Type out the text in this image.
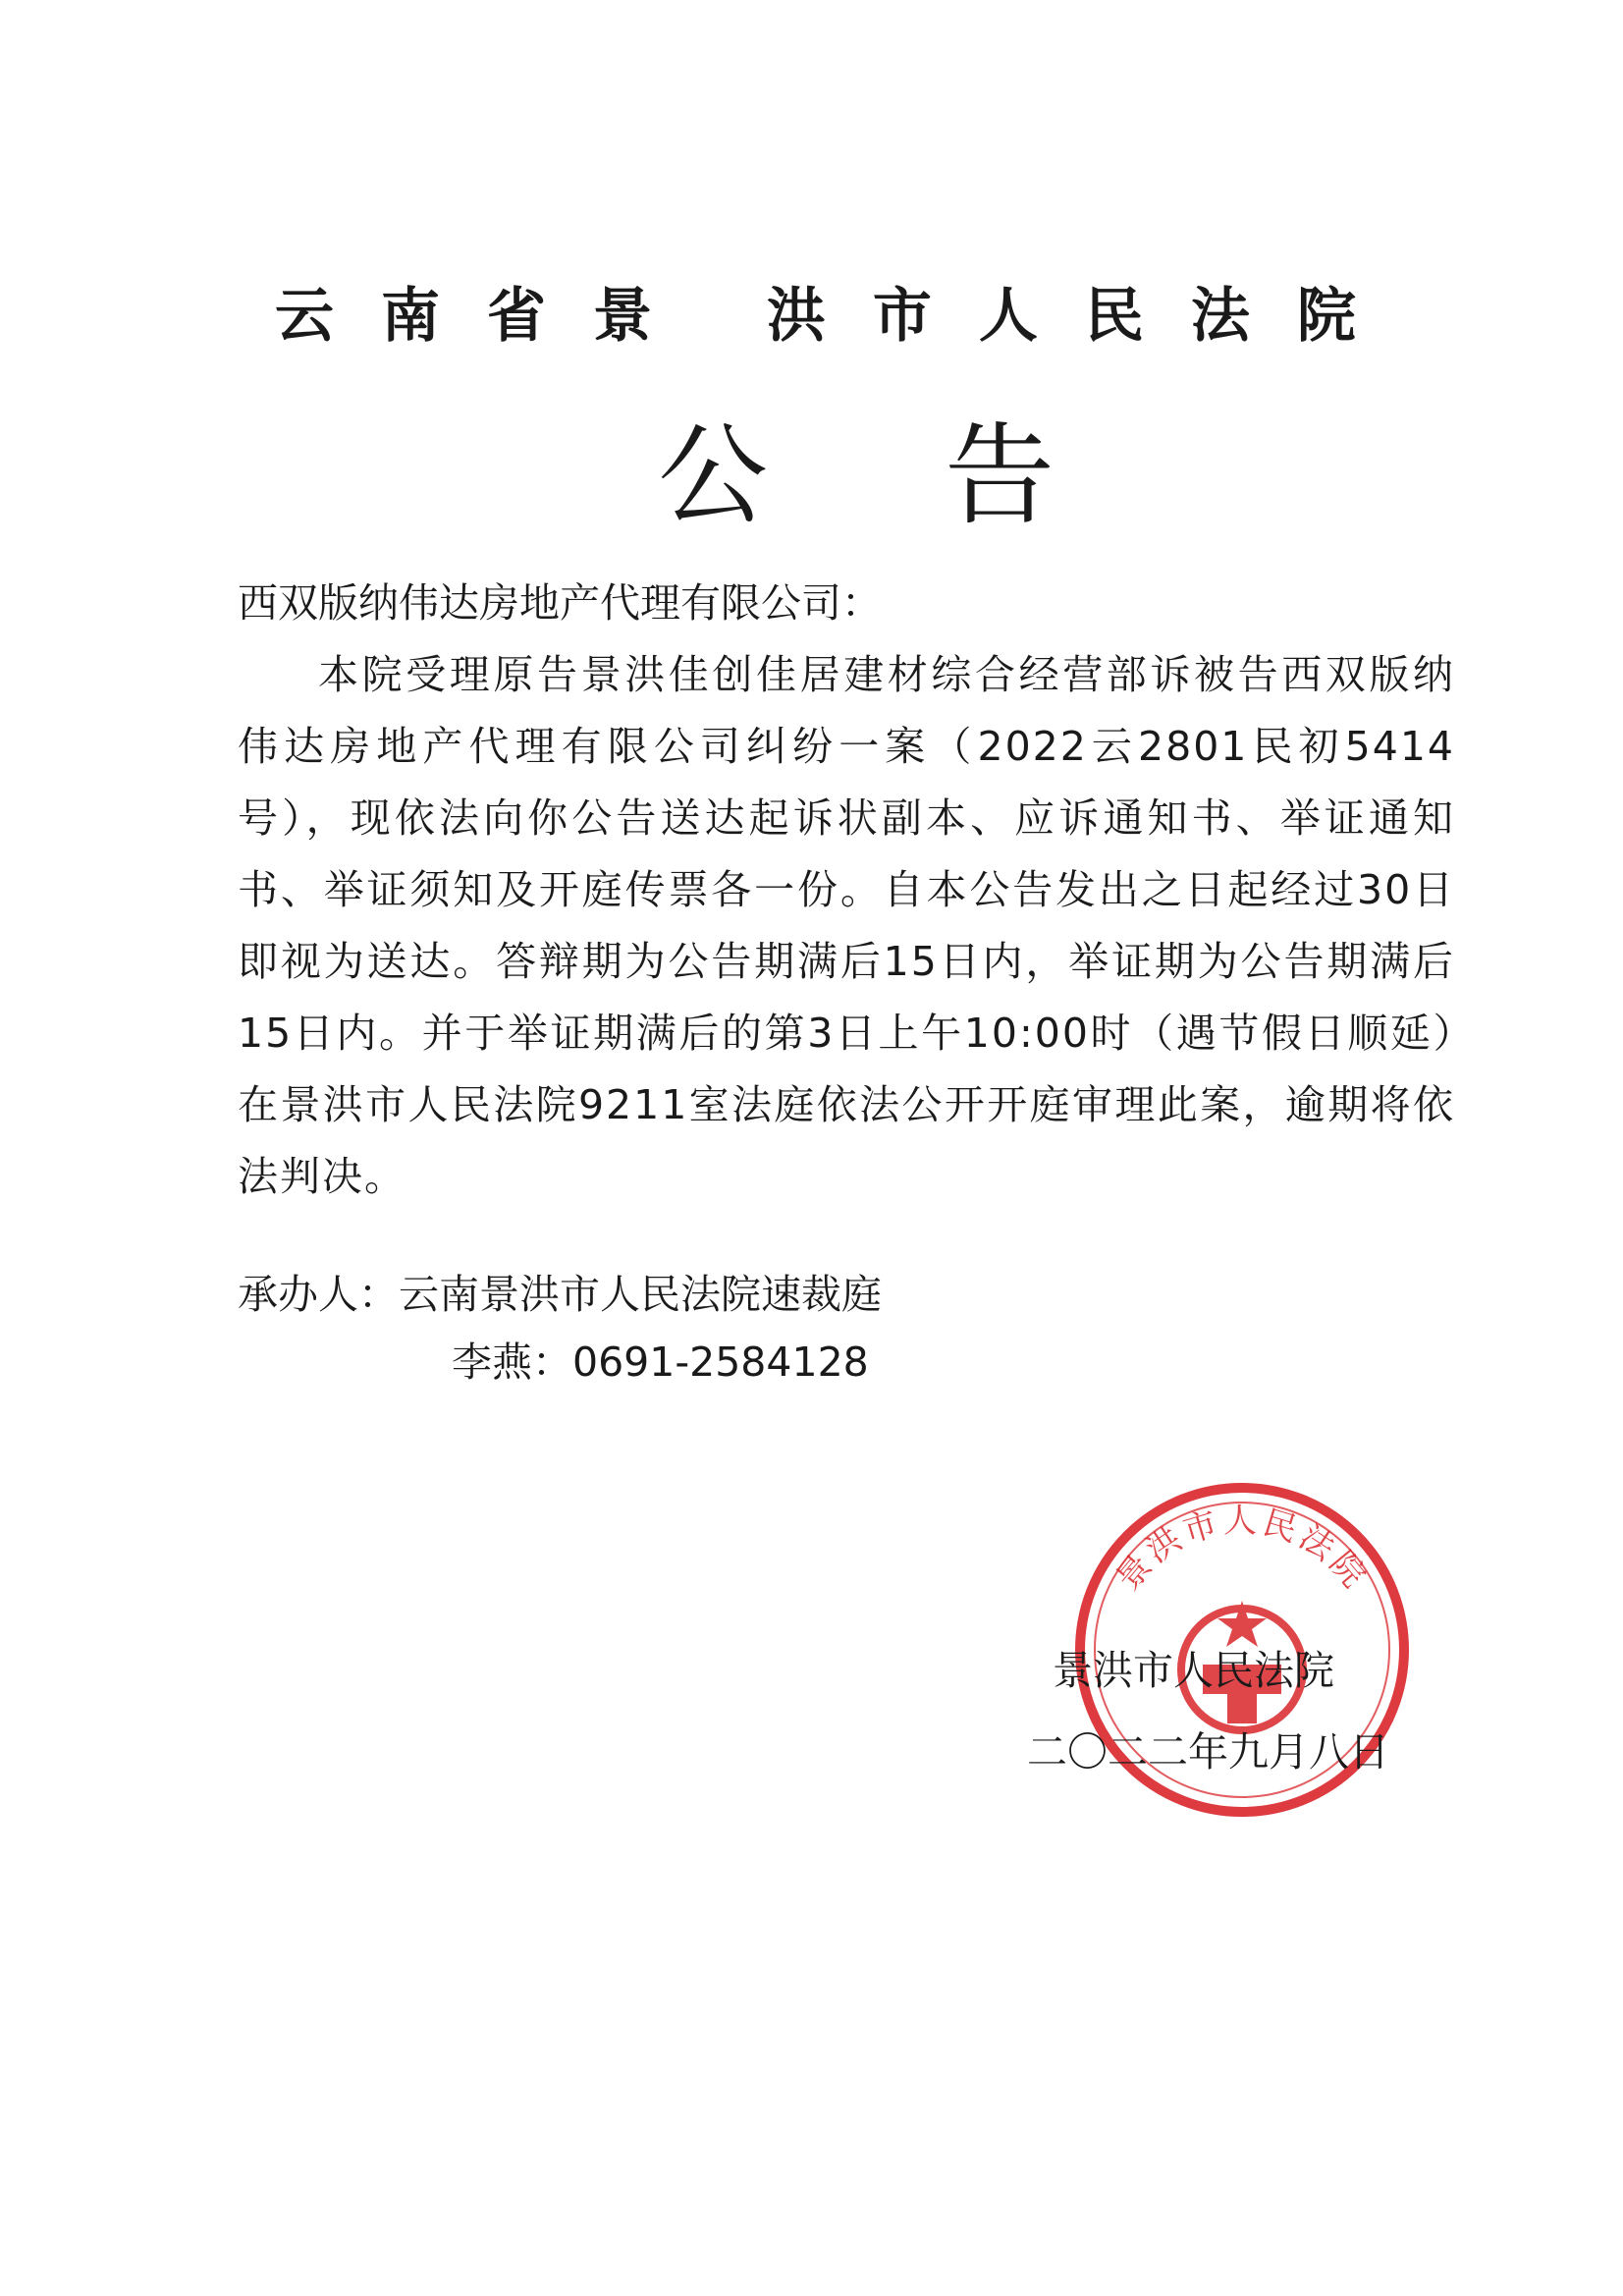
云南省景 洪市人民法院
公告
西双版纳伟达房地产代理有限公司：
本院受理原告景洪佳创佳居建材综合经营部诉被告西双版纳伟达房地产代理有限公司纠纷一案（2022云2801民初5414号），现依法向你公告送达起诉状副本、应诉通知书、举证通知书、举证须知及开庭传票各一份。自本公告发出之日起经过30日即视为送达。答辩期为公告期满后15日内，举证期为公告期满后15日内。并于举证期满后的第3日上午10:00时（遇节假日顺延）在景洪市人民法院9211室法庭依法公开开庭审理此案，逾期将依法判决。
承办人：云南景洪市人民法院速裁庭
李燕：0691-2584128
景洪市人民法院
景洪市人民法院
二〇二二年九月八日
